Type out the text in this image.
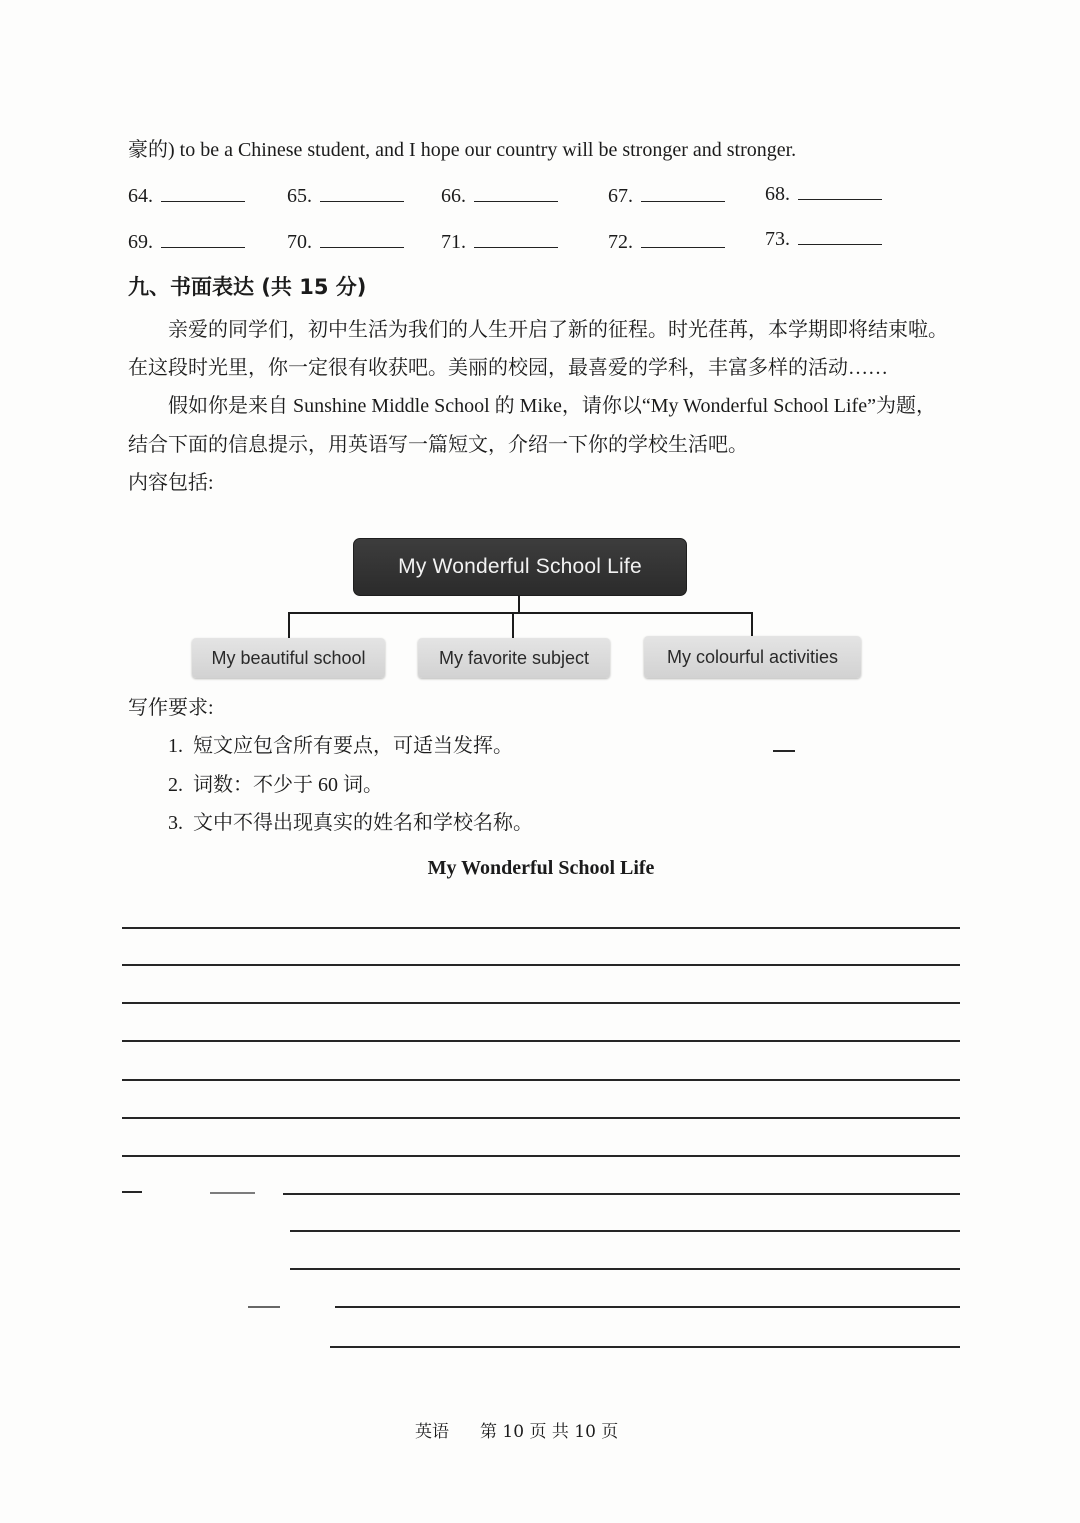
豪的) to be a Chinese student, and I hope our country will be stronger and stronger.
64.	65.	66.	67.	68.
69.	70.	71.	72.	73.
九、书面表达 (共 15 分)
亲爱的同学们，初中生活为我们的人生开启了新的征程。时光荏苒，本学期即将结束啦。
在这段时光里，你一定很有收获吧。美丽的校园，最喜爱的学科，丰富多样的活动……
假如你是来自 Sunshine Middle School 的 Mike，请你以“My Wonderful School Life”为题，
结合下面的信息提示，用英语写一篇短文，介绍一下你的学校生活吧。
内容包括:
My Wonderful School Life
My beautiful school	My favorite subject	My colourful activities
写作要求:
1. 短文应包含所有要点，可适当发挥。
2. 词数：不少于 60 词。
3. 文中不得出现真实的姓名和学校名称。
My Wonderful School Life
英语 第 10 页 共 10 页
